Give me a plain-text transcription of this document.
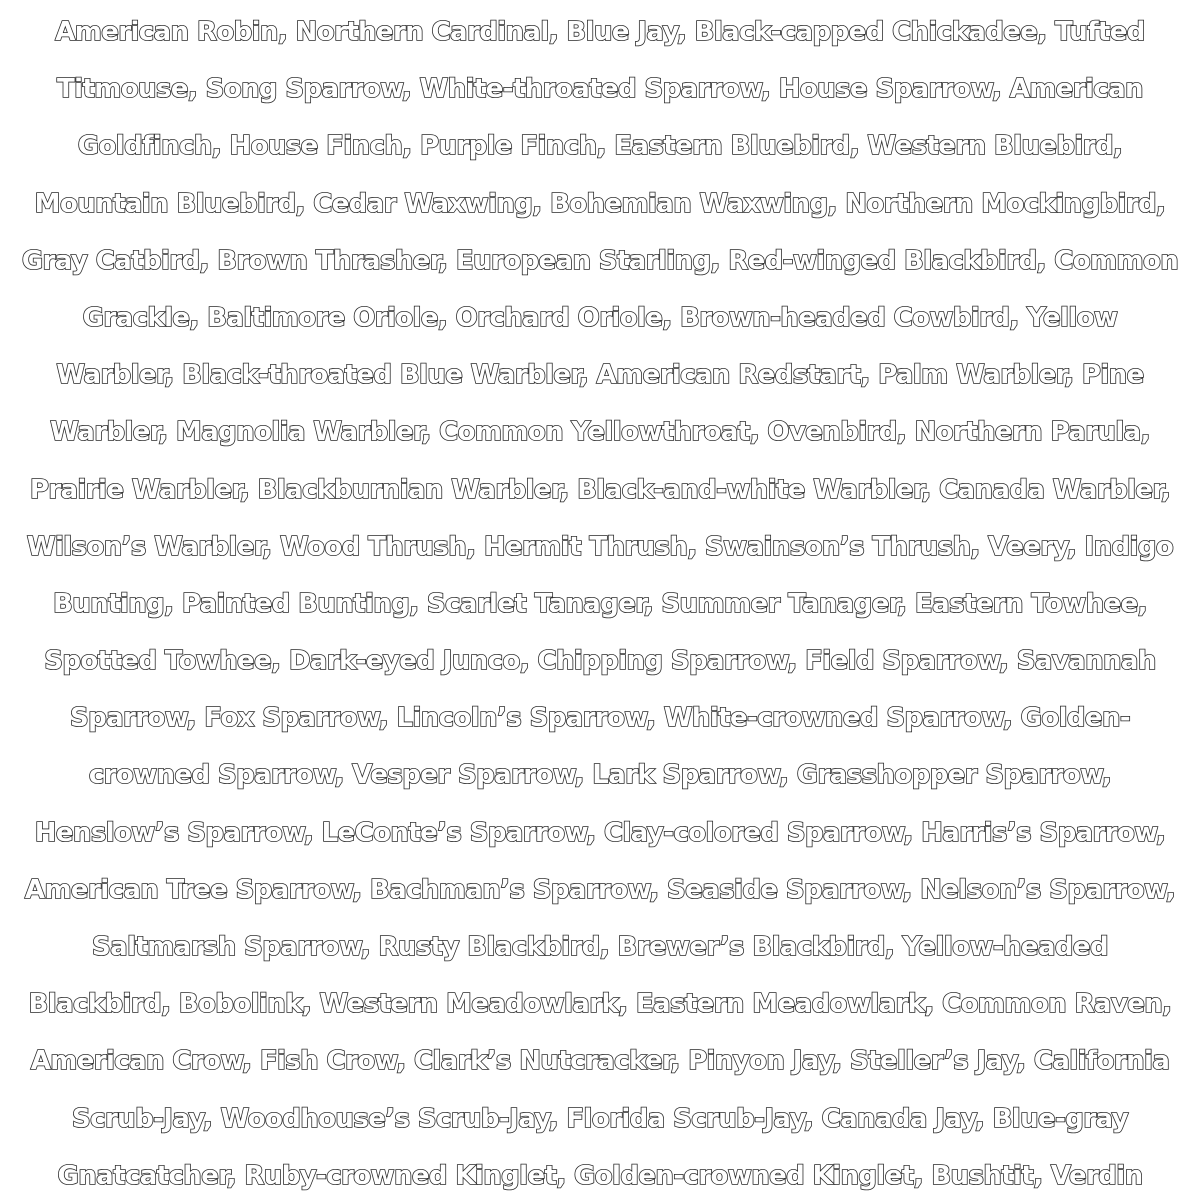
American Robin, Northern Cardinal, Blue Jay, Black-capped Chickadee, Tufted
Titmouse, Song Sparrow, White-throated Sparrow, House Sparrow, American
Goldfinch, House Finch, Purple Finch, Eastern Bluebird, Western Bluebird,
Mountain Bluebird, Cedar Waxwing, Bohemian Waxwing, Northern Mockingbird,
Gray Catbird, Brown Thrasher, European Starling, Red-winged Blackbird, Common
Grackle, Baltimore Oriole, Orchard Oriole, Brown-headed Cowbird, Yellow
Warbler, Black-throated Blue Warbler, American Redstart, Palm Warbler, Pine
Warbler, Magnolia Warbler, Common Yellowthroat, Ovenbird, Northern Parula,
Prairie Warbler, Blackburnian Warbler, Black-and-white Warbler, Canada Warbler,
Wilson’s Warbler, Wood Thrush, Hermit Thrush, Swainson’s Thrush, Veery, Indigo
Bunting, Painted Bunting, Scarlet Tanager, Summer Tanager, Eastern Towhee,
Spotted Towhee, Dark-eyed Junco, Chipping Sparrow, Field Sparrow, Savannah
Sparrow, Fox Sparrow, Lincoln’s Sparrow, White-crowned Sparrow, Golden-
crowned Sparrow, Vesper Sparrow, Lark Sparrow, Grasshopper Sparrow,
Henslow’s Sparrow, LeConte’s Sparrow, Clay-colored Sparrow, Harris’s Sparrow,
American Tree Sparrow, Bachman’s Sparrow, Seaside Sparrow, Nelson’s Sparrow,
Saltmarsh Sparrow, Rusty Blackbird, Brewer’s Blackbird, Yellow-headed
Blackbird, Bobolink, Western Meadowlark, Eastern Meadowlark, Common Raven,
American Crow, Fish Crow, Clark’s Nutcracker, Pinyon Jay, Steller’s Jay, California
Scrub-Jay, Woodhouse’s Scrub-Jay, Florida Scrub-Jay, Canada Jay, Blue-gray
Gnatcatcher, Ruby-crowned Kinglet, Golden-crowned Kinglet, Bushtit, Verdin
